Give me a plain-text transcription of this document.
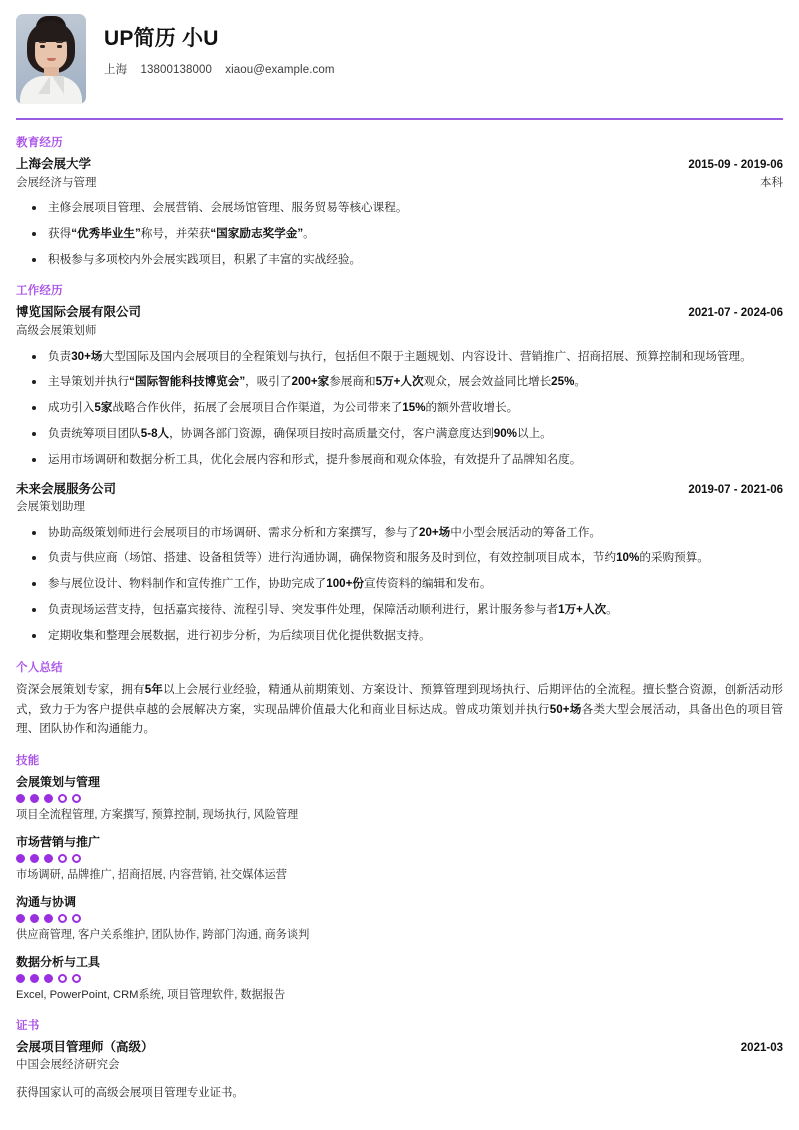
UP简历 小U
上海 13800138000 xiaou@example.com
教育经历
上海会展大学	2015-09 - 2019-06
会展经济与管理	本科
主修会展项目管理、会展营销、会展场馆管理、服务贸易等核心课程。
获得“优秀毕业生”称号，并荣获“国家励志奖学金”。
积极参与多项校内外会展实践项目，积累了丰富的实战经验。
工作经历
博览国际会展有限公司	2021-07 - 2024-06
高级会展策划师
负责30+场大型国际及国内会展项目的全程策划与执行，包括但不限于主题规划、内容设计、营销推广、招商招展、预算控制和现场管理。
主导策划并执行“国际智能科技博览会”，吸引了200+家参展商和5万+人次观众，展会效益同比增长25%。
成功引入5家战略合作伙伴，拓展了会展项目合作渠道，为公司带来了15%的额外营收增长。
负责统筹项目团队5-8人，协调各部门资源，确保项目按时高质量交付，客户满意度达到90%以上。
运用市场调研和数据分析工具，优化会展内容和形式，提升参展商和观众体验，有效提升了品牌知名度。
未来会展服务公司	2019-07 - 2021-06
会展策划助理
协助高级策划师进行会展项目的市场调研、需求分析和方案撰写，参与了20+场中小型会展活动的筹备工作。
负责与供应商（场馆、搭建、设备租赁等）进行沟通协调，确保物资和服务及时到位，有效控制项目成本，节约10%的采购预算。
参与展位设计、物料制作和宣传推广工作，协助完成了100+份宣传资料的编辑和发布。
负责现场运营支持，包括嘉宾接待、流程引导、突发事件处理，保障活动顺利进行，累计服务参与者1万+人次。
定期收集和整理会展数据，进行初步分析，为后续项目优化提供数据支持。
个人总结
资深会展策划专家，拥有5年以上会展行业经验，精通从前期策划、方案设计、预算管理到现场执行、后期评估的全流程。擅长整合资源，创新活动形式，致力于为客户提供卓越的会展解决方案，实现品牌价值最大化和商业目标达成。曾成功策划并执行50+场各类大型会展活动，具备出色的项目管理、团队协作和沟通能力。
技能
会展策划与管理
项目全流程管理, 方案撰写, 预算控制, 现场执行, 风险管理
市场营销与推广
市场调研, 品牌推广, 招商招展, 内容营销, 社交媒体运营
沟通与协调
供应商管理, 客户关系维护, 团队协作, 跨部门沟通, 商务谈判
数据分析与工具
Excel, PowerPoint, CRM系统, 项目管理软件, 数据报告
证书
会展项目管理师（高级）	2021-03
中国会展经济研究会
获得国家认可的高级会展项目管理专业证书。
